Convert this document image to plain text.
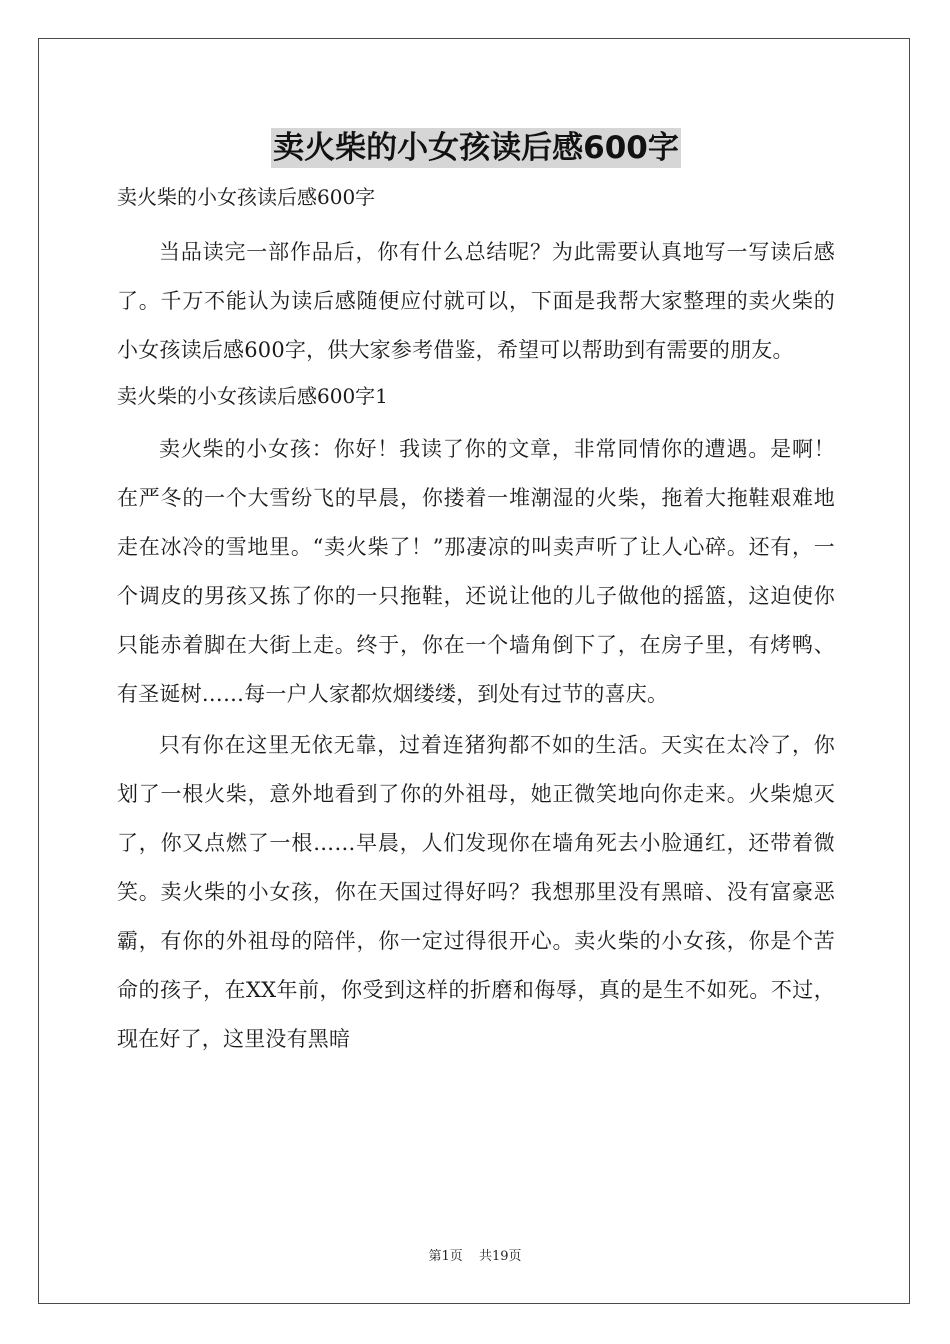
卖火柴的小女孩读后感600字

卖火柴的小女孩读后感600字

当品读完一部作品后，你有什么总结呢？为此需要认真地写一写读后感了。千万不能认为读后感随便应付就可以，下面是我帮大家整理的卖火柴的小女孩读后感600字，供大家参考借鉴，希望可以帮助到有需要的朋友。

卖火柴的小女孩读后感600字1

卖火柴的小女孩：你好！我读了你的文章，非常同情你的遭遇。是啊！在严冬的一个大雪纷飞的早晨，你搂着一堆潮湿的火柴，拖着大拖鞋艰难地走在冰冷的雪地里。“卖火柴了！”那凄凉的叫卖声听了让人心碎。还有，一个调皮的男孩又拣了你的一只拖鞋，还说让他的儿子做他的摇篮，这迫使你只能赤着脚在大街上走。终于，你在一个墙角倒下了，在房子里，有烤鸭、有圣诞树……每一户人家都炊烟缕缕，到处有过节的喜庆。

只有你在这里无依无靠，过着连猪狗都不如的生活。天实在太冷了，你划了一根火柴，意外地看到了你的外祖母，她正微笑地向你走来。火柴熄灭了，你又点燃了一根……早晨，人们发现你在墙角死去小脸通红，还带着微笑。卖火柴的小女孩，你在天国过得好吗？我想那里没有黑暗、没有富豪恶霸，有你的外祖母的陪伴，你一定过得很开心。卖火柴的小女孩，你是个苦命的孩子，在XX年前，你受到这样的折磨和侮辱，真的是生不如死。不过，现在好了，这里没有黑暗

第1页 共19页
